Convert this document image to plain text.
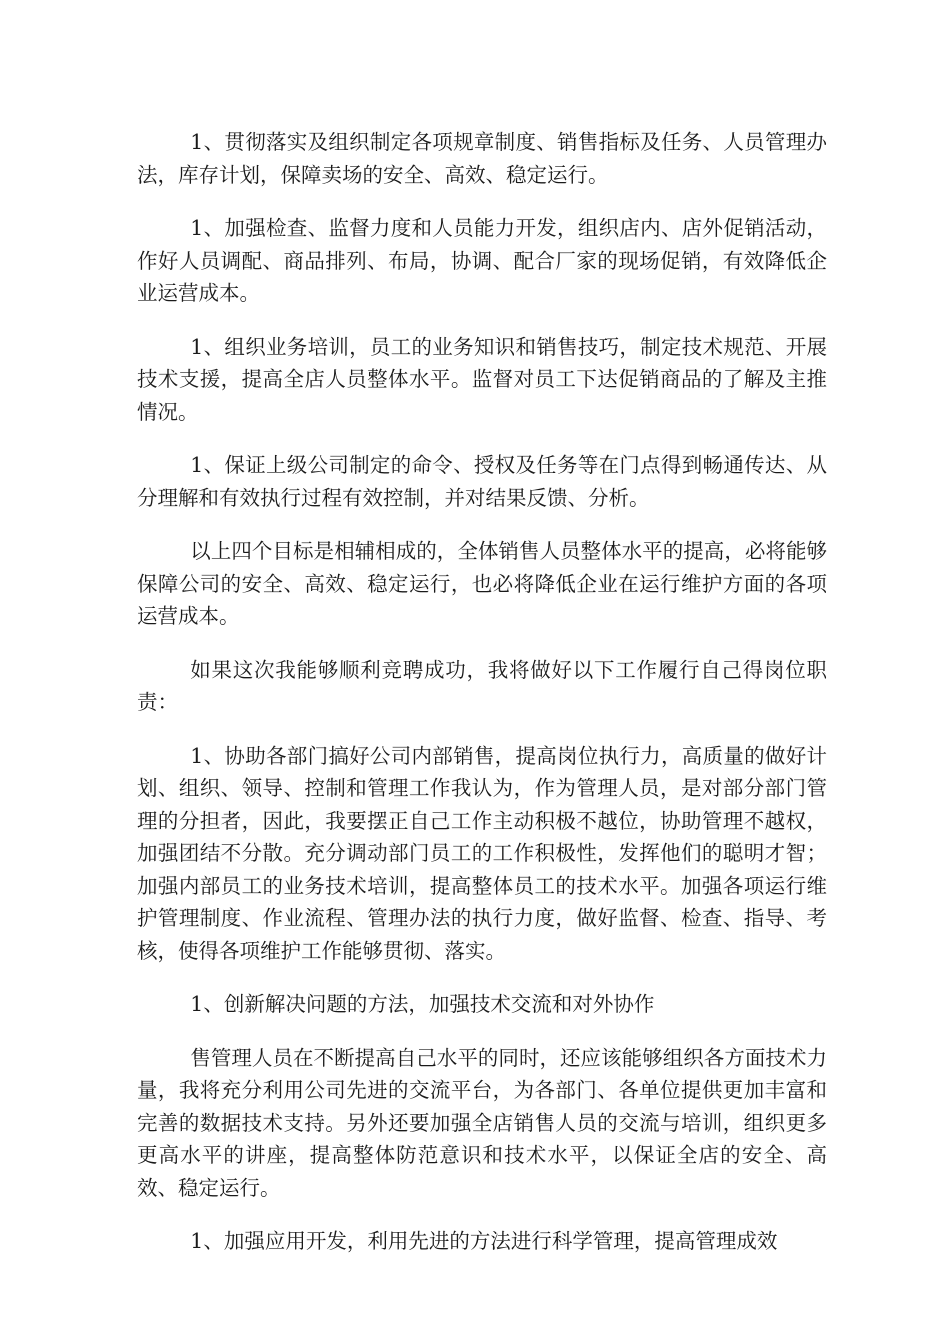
1、贯彻落实及组织制定各项规章制度、销售指标及任务、人员管理办法，库存计划，保障卖场的安全、高效、稳定运行。

1、加强检查、监督力度和人员能力开发，组织店内、店外促销活动，作好人员调配、商品排列、布局，协调、配合厂家的现场促销，有效降低企业运营成本。

1、组织业务培训，员工的业务知识和销售技巧，制定技术规范、开展技术支援，提高全店人员整体水平。监督对员工下达促销商品的了解及主推情况。

1、保证上级公司制定的命令、授权及任务等在门点得到畅通传达、从分理解和有效执行过程有效控制，并对结果反馈、分析。

以上四个目标是相辅相成的，全体销售人员整体水平的提高，必将能够保障公司的安全、高效、稳定运行，也必将降低企业在运行维护方面的各项运营成本。

如果这次我能够顺利竞聘成功，我将做好以下工作履行自己得岗位职责：

1、协助各部门搞好公司内部销售，提高岗位执行力，高质量的做好计划、组织、领导、控制和管理工作我认为，作为管理人员，是对部分部门管理的分担者，因此，我要摆正自己工作主动积极不越位，协助管理不越权，加强团结不分散。充分调动部门员工的工作积极性，发挥他们的聪明才智；加强内部员工的业务技术培训，提高整体员工的技术水平。加强各项运行维护管理制度、作业流程、管理办法的执行力度，做好监督、检查、指导、考核，使得各项维护工作能够贯彻、落实。

1、创新解决问题的方法，加强技术交流和对外协作

售管理人员在不断提高自己水平的同时，还应该能够组织各方面技术力量，我将充分利用公司先进的交流平台，为各部门、各单位提供更加丰富和完善的数据技术支持。另外还要加强全店销售人员的交流与培训，组织更多更高水平的讲座，提高整体防范意识和技术水平，以保证全店的安全、高效、稳定运行。

1、加强应用开发，利用先进的方法进行科学管理，提高管理成效
